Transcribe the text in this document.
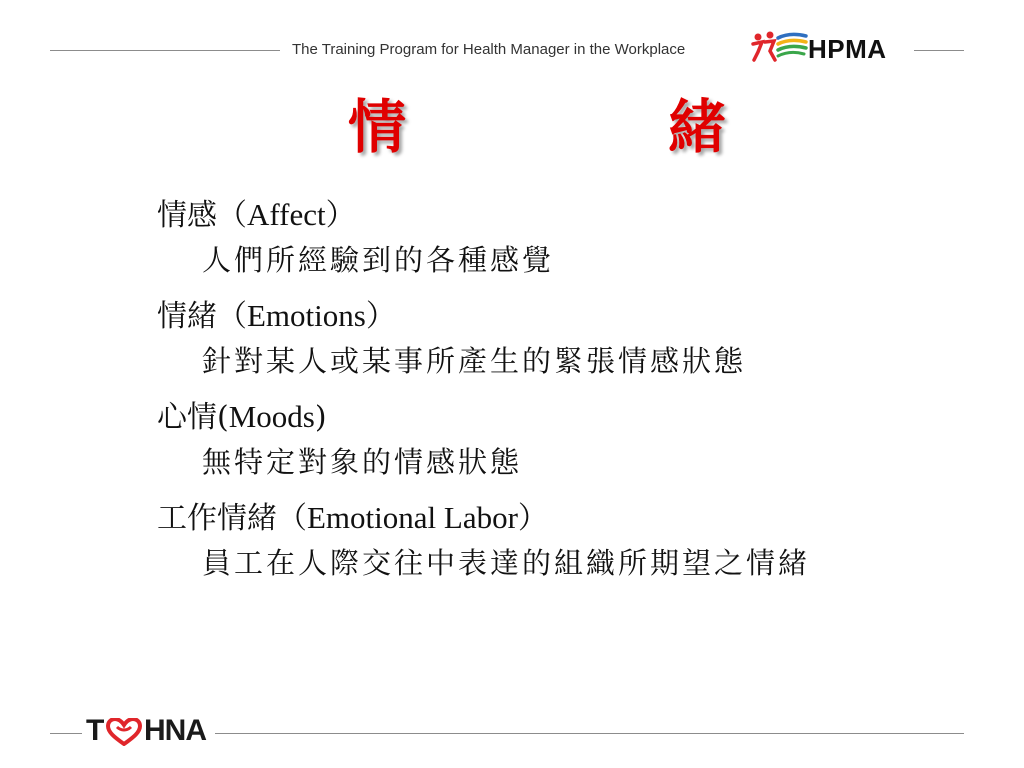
The Training Program for Health Manager in the Workplace	HPMA
情	緒
情感（Affect）
人們所經驗到的各種感覺
情緒（Emotions）
針對某人或某事所產生的緊張情感狀態
心情(Moods)
無特定對象的情感狀態
工作情緒（Emotional Labor）
員工在人際交往中表達的組織所期望之情緒
T HNA
